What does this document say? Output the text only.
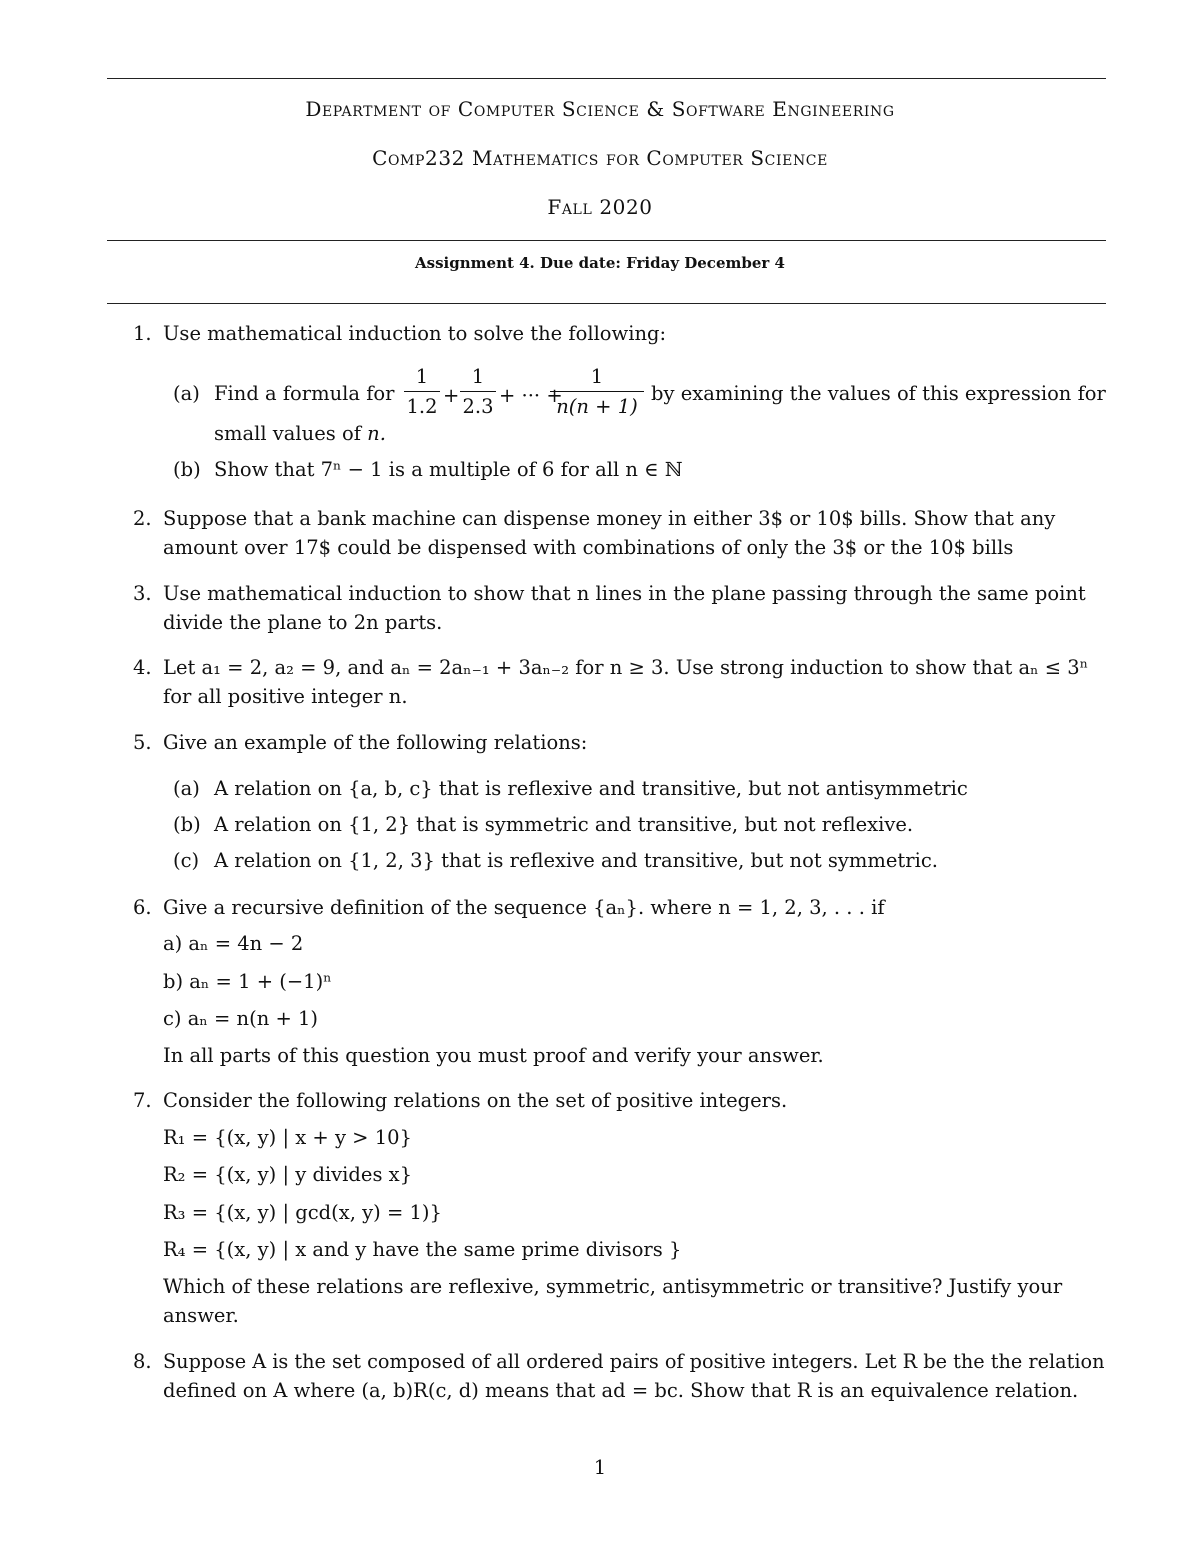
Department of Computer Science & Software Engineering
Comp232 Mathematics for Computer Science
Fall 2020
Assignment 4. Due date: Friday December 4
1. Use mathematical induction to solve the following:
(a) Find a formula for $\frac{1}{1.2} + \frac{1}{2.3}$ + ··· +
$\frac{1}{n(n + 1)}$ by examining the values of this expression for
small values of n.
(b) Show that 7ⁿ − 1 is a multiple of 6 for all n ∈ ℕ
2. Suppose that a bank machine can dispense money in either 3$ or 10$ bills. Show that any
amount over 17$ could be dispensed with combinations of only the 3$ or the 10$ bills
3. Use mathematical induction to show that n lines in the plane passing through the same point
divide the plane to 2n parts.
4. Let a₁ = 2, a₂ = 9, and aₙ = 2aₙ₋₁ + 3aₙ₋₂ for n ≥ 3. Use strong induction to show that aₙ ≤ 3ⁿ
for all positive integer n.
5. Give an example of the following relations:
(a) A relation on {a, b, c} that is reflexive and transitive, but not antisymmetric
(b) A relation on {1, 2} that is symmetric and transitive, but not reflexive.
(c) A relation on {1, 2, 3} that is reflexive and transitive, but not symmetric.
6. Give a recursive definition of the sequence {aₙ}. where n = 1, 2, 3, . . . if
a) aₙ = 4n − 2
b) aₙ = 1 + (−1)ⁿ
c) aₙ = n(n + 1)
In all parts of this question you must proof and verify your answer.
7. Consider the following relations on the set of positive integers.
R₁ = {(x, y) | x + y > 10}
R₂ = {(x, y) | y divides x}
R₃ = {(x, y) | gcd(x, y) = 1)}
R₄ = {(x, y) | x and y have the same prime divisors }
Which of these relations are reflexive, symmetric, antisymmetric or transitive? Justify your
answer.
8. Suppose A is the set composed of all ordered pairs of positive integers. Let R be the the relation
defined on A where (a, b)R(c, d) means that ad = bc. Show that R is an equivalence relation.
1
